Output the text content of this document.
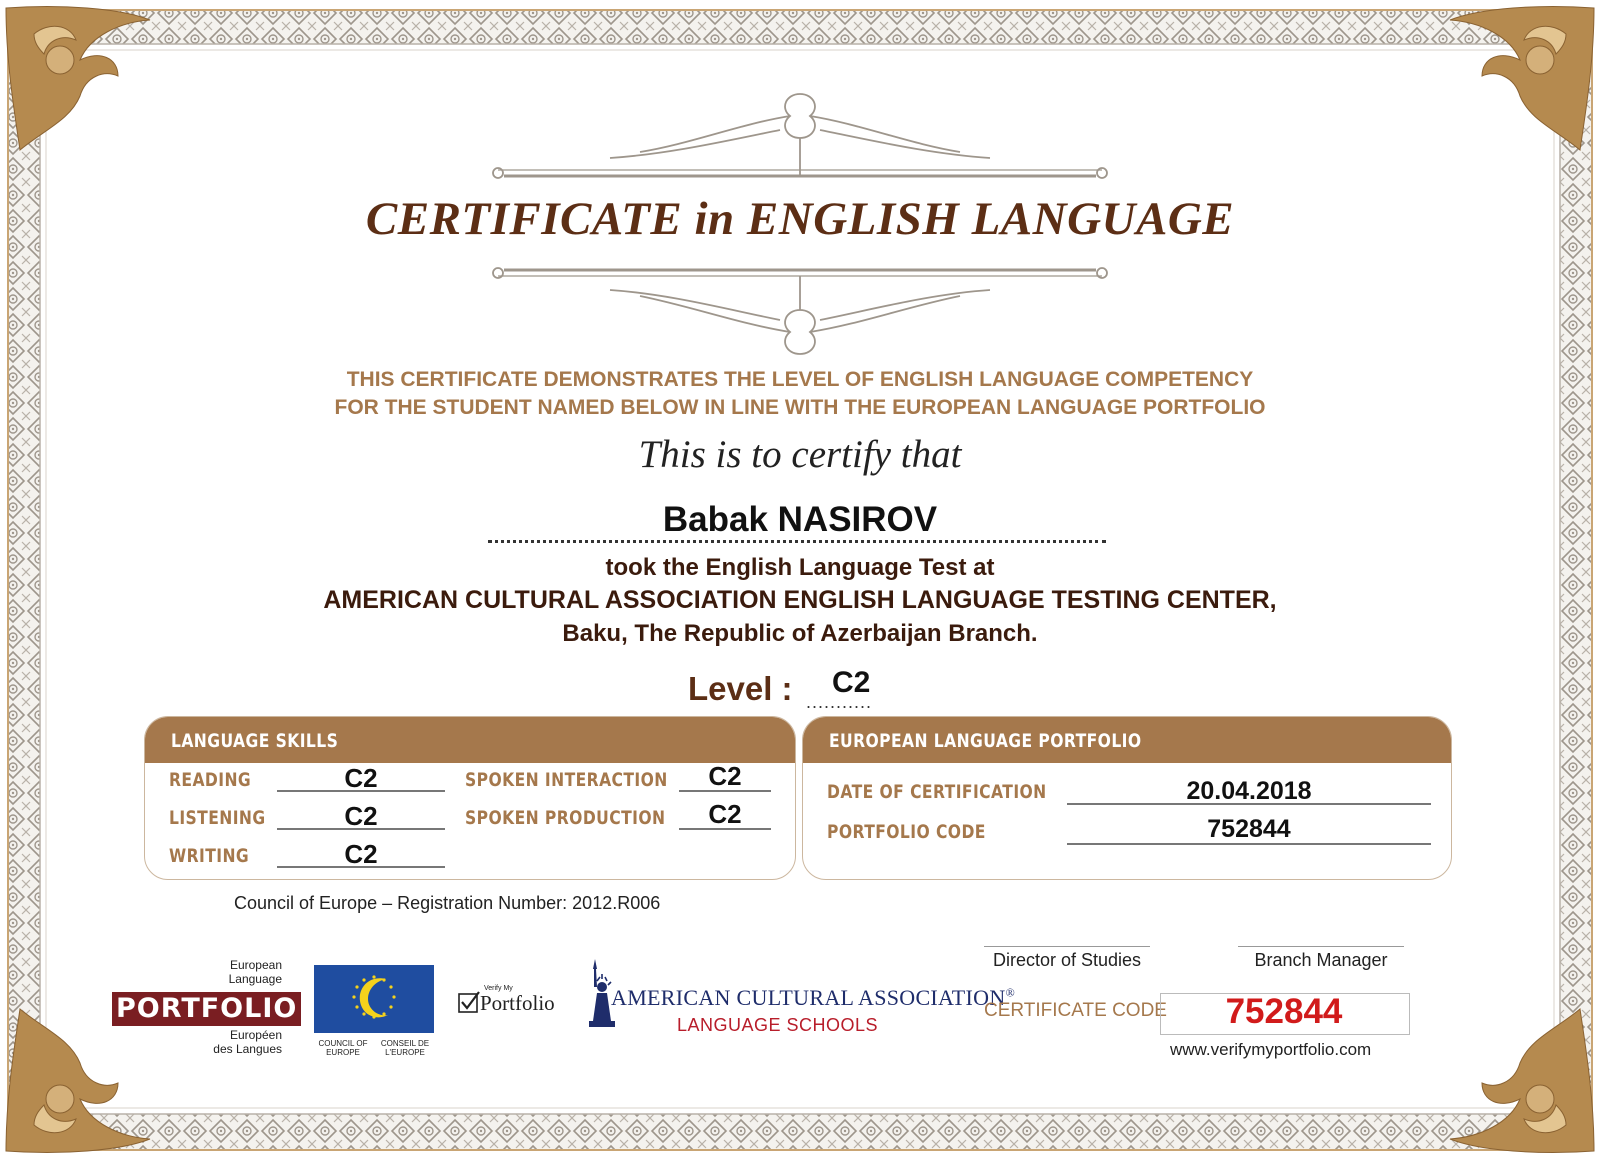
CERTIFICATE in ENGLISH LANGUAGE
THIS CERTIFICATE DEMONSTRATES THE LEVEL OF ENGLISH LANGUAGE COMPETENCY
FOR THE STUDENT NAMED BELOW IN LINE WITH THE EUROPEAN LANGUAGE PORTFOLIO
This is to certify that
Babak NASIROV
took the English Language Test at
AMERICAN CULTURAL ASSOCIATION ENGLISH LANGUAGE TESTING CENTER,
Baku, The Republic of Azerbaijan Branch.
Level : ...........
C2
LANGUAGE SKILLS
READING	C2
LISTENING	C2
WRITING	C2
SPOKEN INTERACTION	C2
SPOKEN PRODUCTION	C2
EUROPEAN LANGUAGE PORTFOLIO
DATE OF CERTIFICATION	20.04.2018
PORTFOLIO CODE	752844
Council of Europe – Registration Number: 2012.R006
European
Language
PORTFOLIO
Européen
des Langues	COUNCIL OF EUROPE
CONSEIL DE L'EUROPE
Verify My
Portfolio	AMERICAN CULTURAL ASSOCIATION®
LANGUAGE SCHOOLS
Director of Studies	Branch Manager
CERTIFICATE CODE	752844
www.verifymyportfolio.com
